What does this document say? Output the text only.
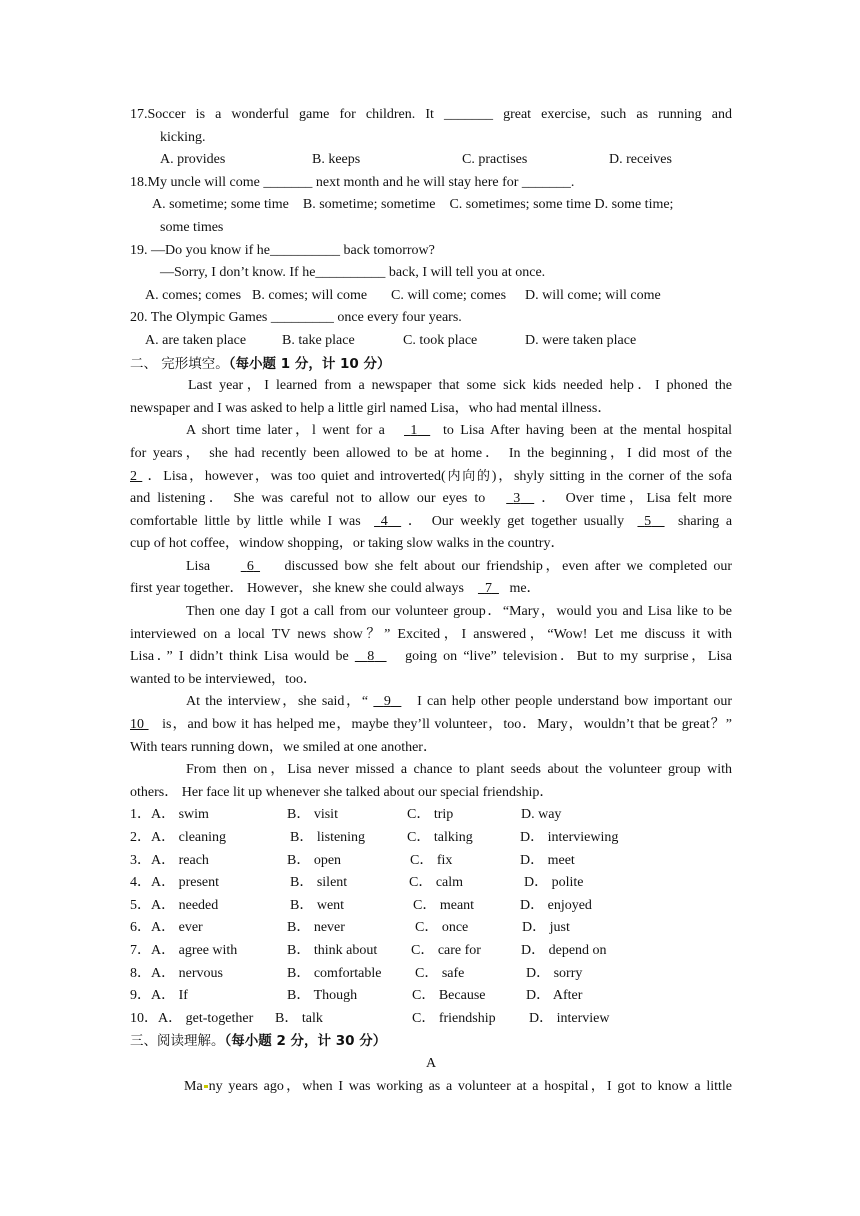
17.Soccer is a wonderful game for children. It _______ great exercise, such as running and
kicking.
A. provides	B. keeps	C. practises	D. receives
18.My uncle will come _______ next month and he will stay here for _______.
A. sometime; some time    B. sometime; sometime    C. sometimes; some time D. some time;
some times
19. —Do you know if he__________ back tomorrow?
—Sorry, I don’t know. If he__________ back, I will tell you at once.
A. comes; comes B. comes; will come C. will come; comes D. will come; will come
20. The Olympic Games _________ once every four years.
A. are taken place	B. take place	C. took place	D. were taken place
二、 完形填空。（每小题 1 分，计 10 分）
Last year，I learned from a newspaper that some sick kids needed help．I phoned the
newspaper and I was asked to help a little girl named Lisa，who had mental illness．
A short time later，l went for a    1    to Lisa After having been at the mental hospital
for years， she had recently been allowed to be at home． In the beginning，I did most of the
2  ．Lisa，however，was too quiet and introverted(内向的)，shyly sitting in the corner of the sofa
and listening． She was careful not to allow our eyes to    3   ． Over time，Lisa felt more
comfortable little by little while I was   4   ． Our weekly get together usually   5    sharing a
cup of hot coffee，window shopping，or taking slow walks in the country．
Lisa      6     discussed bow she felt about our friendship，even after we completed our
first year together． However，she knew she could always      7     me．
Then one day I got a call from our volunteer group．“Mary，would you and Lisa like to be
interviewed on a local TV news show？” Excited，I answered，“Wow! Let me discuss it with
Lisa．” I didn’t think Lisa would be   8     going on “live” television．But to my surprise，Lisa
wanted to be interviewed，too．
At the interview，she said，“   9     I can help other people understand bow important our
10    is，and bow it has helped me，maybe they’ll volunteer，too．Mary，wouldn’t that be great？”
With tears running down，we smiled at one another．
From then on，Lisa never missed a chance to plant seeds about the volunteer group with
others． Her face lit up whenever she talked about our special friendship．
1．A． swim	B． visit	C． trip	D. way
2．A． cleaning	B． listening	C． talking	D． interviewing
3．A． reach	B． open	C． fix	D． meet
4．A． present	B． silent	C． calm	D． polite
5．A． needed	B． went	C． meant	D． enjoyed
6．A． ever	B． never	C． once	D． just
7．A． agree with	B． think about C． care for	D． depend on
8．A． nervous	B． comfortable C． safe	D． sorry
9．A． If	B． Though	C． Because	D． After
10．A． get-together B． talk	C． friendship D． interview
三、阅读理解。（每小题 2 分，计 30 分）
A
Ma ny years ago，when I was working as a volunteer at a hospital，I got to know a little
